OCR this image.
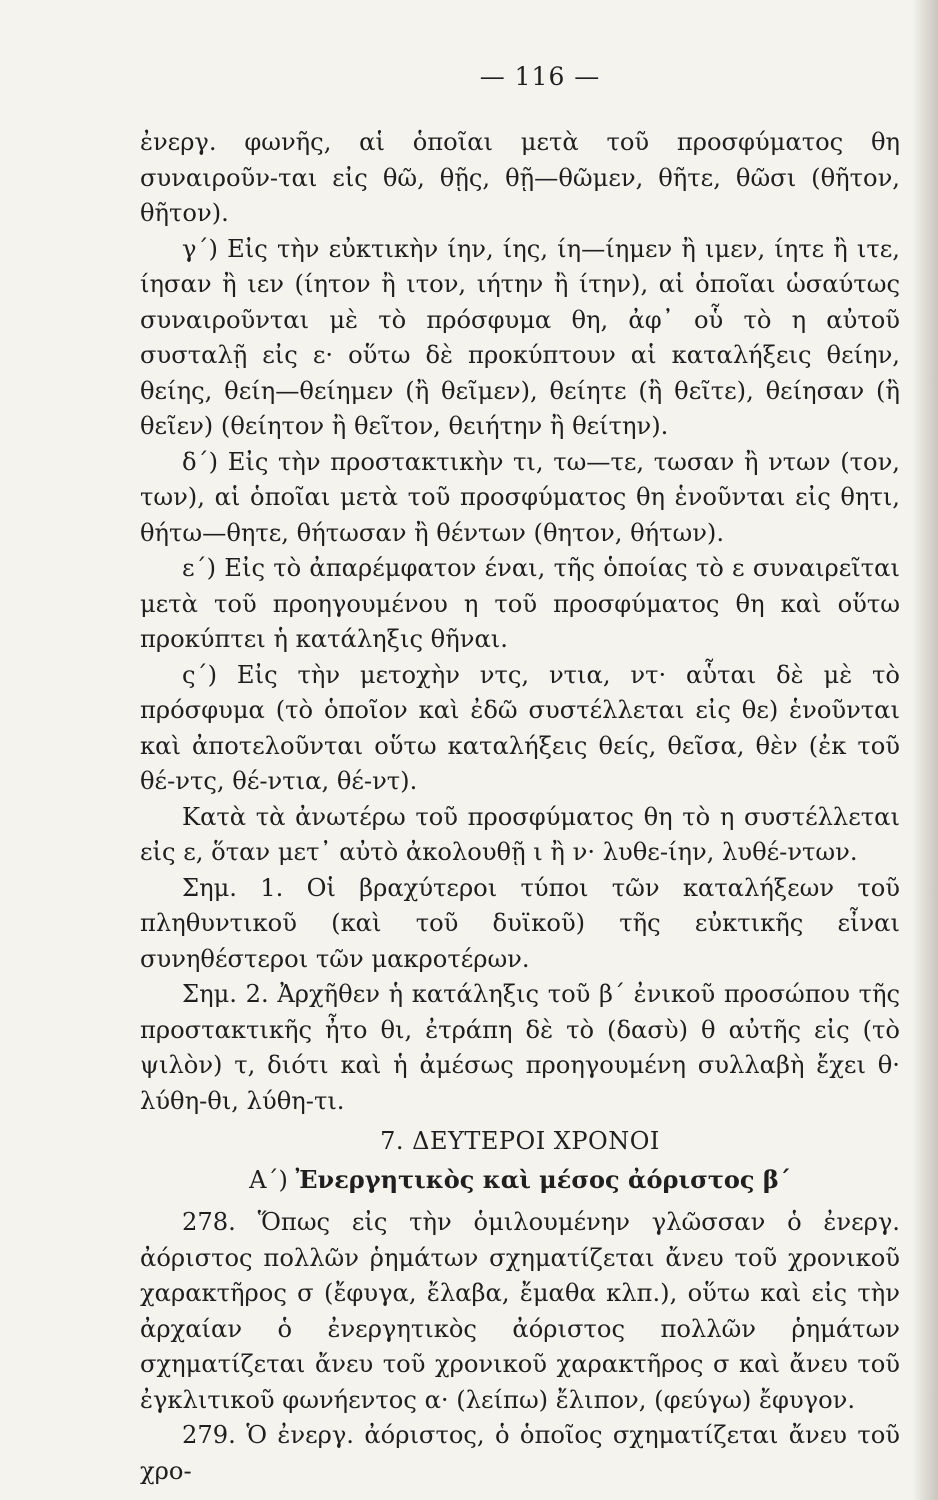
— 116 —

ἐνεργ. φωνῆς, αἱ ὁποῖαι μετὰ τοῦ προσφύματος θη συναιροῦν-ται εἰς θῶ, θῇς, θῇ—θῶμεν, θῆτε, θῶσι (θῆτον, θῆτον).

γ΄) Εἰς τὴν εὐκτικὴν ίην, ίης, ίη—ίημεν ἢ ιμεν, ίητε ἢ ιτε, ίησαν ἢ ιεν (ίητον ἢ ιτον, ιήτην ἢ ίτην), αἱ ὁποῖαι ὡσαύτως συναιροῦνται μὲ τὸ πρόσφυμα θη, ἀφ᾽ οὗ τὸ η αὐτοῦ συσταλῇ εἰς ε· οὕτω δὲ προκύπτουν αἱ καταλήξεις θείην, θείης, θείη—θείημεν (ἢ θεῖμεν), θείητε (ἢ θεῖτε), θείησαν (ἢ θεῖεν) (θείητον ἢ θεῖτον, θειήτην ἢ θείτην).

δ΄) Εἰς τὴν προστακτικὴν τι, τω—τε, τωσαν ἢ ντων (τον, των), αἱ ὁποῖαι μετὰ τοῦ προσφύματος θη ἑνοῦνται εἰς θητι, θήτω—θητε, θήτωσαν ἢ θέντων (θητον, θήτων).

ε΄) Εἰς τὸ ἀπαρέμφατον έναι, τῆς ὁποίας τὸ ε συναιρεῖται μετὰ τοῦ προηγουμένου η τοῦ προσφύματος θη καὶ οὕτω προκύπτει ἡ κατάληξις θῆναι.

ς΄) Εἰς τὴν μετοχὴν ντς, ντια, ντ· αὗται δὲ μὲ τὸ πρόσφυμα (τὸ ὁποῖον καὶ ἐδῶ συστέλλεται εἰς θε) ἑνοῦνται καὶ ἀποτελοῦνται οὕτω καταλήξεις θείς, θεῖσα, θὲν (ἐκ τοῦ θέ-ντς, θέ-ντια, θέ-ντ).

Κατὰ τὰ ἀνωτέρω τοῦ προσφύματος θη τὸ η συστέλλεται εἰς ε, ὅταν μετ᾽ αὐτὸ ἀκολουθῇ ι ἢ ν· λυθε-ίην, λυθέ-ντων.

Σημ. 1. Οἱ βραχύτεροι τύποι τῶν καταλήξεων τοῦ πληθυντικοῦ (καὶ τοῦ δυϊκοῦ) τῆς εὐκτικῆς εἶναι συνηθέστεροι τῶν μακροτέρων.

Σημ. 2. Ἀρχῆθεν ἡ κατάληξις τοῦ β΄ ἐνικοῦ προσώπου τῆς προστακτικῆς ἦτο θι, ἐτράπη δὲ τὸ (δασὺ) θ αὐτῆς εἰς (τὸ ψιλὸν) τ, διότι καὶ ἡ ἀμέσως προηγουμένη συλλαβὴ ἔχει θ· λύθη-θι, λύθη-τι.

7. ΔΕΥΤΕΡΟΙ ΧΡΟΝΟΙ
Α΄) Ἐνεργητικὸς καὶ μέσος ἀόριστος β΄

278. Ὅπως εἰς τὴν ὁμιλουμένην γλῶσσαν ὁ ἐνεργ. ἀόριστος πολλῶν ῥημάτων σχηματίζεται ἄνευ τοῦ χρονικοῦ χαρακτῆρος σ (ἔφυγα, ἔλαβα, ἔμαθα κλπ.), οὕτω καὶ εἰς τὴν ἀρχαίαν ὁ ἐνεργητικὸς ἀόριστος πολλῶν ῥημάτων σχηματίζεται ἄνευ τοῦ χρονικοῦ χαρακτῆρος σ καὶ ἄνευ τοῦ ἐγκλιτικοῦ φωνήεντος α· (λείπω) ἔλιπον, (φεύγω) ἔφυγον.

279. Ὁ ἐνεργ. ἀόριστος, ὁ ὁποῖος σχηματίζεται ἄνευ τοῦ χρο-
